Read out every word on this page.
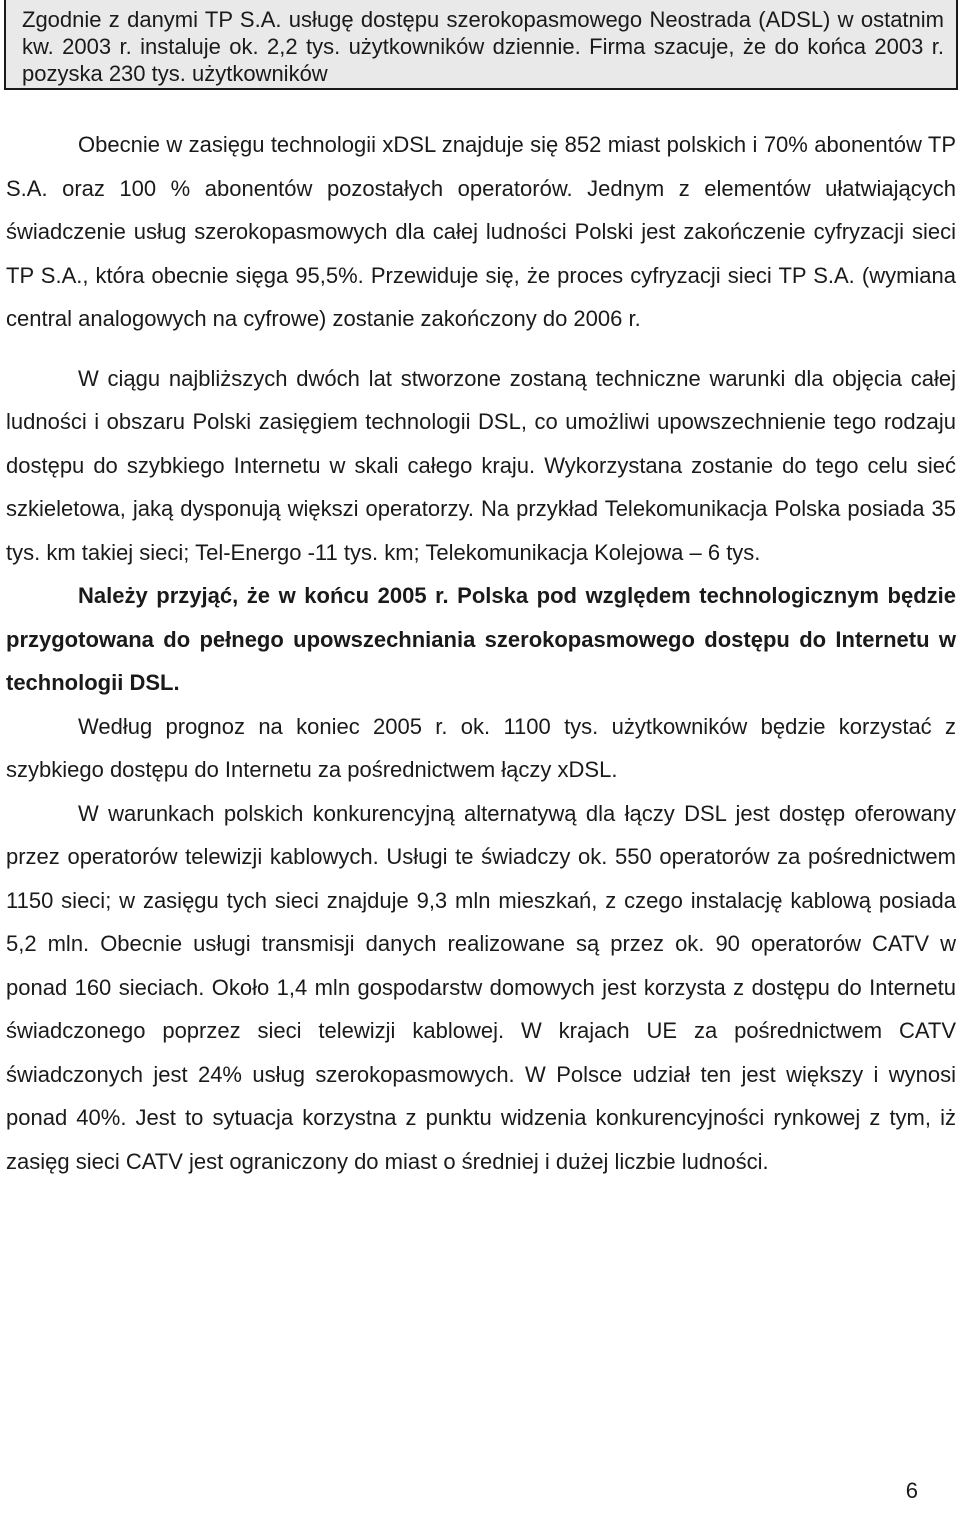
Zgodnie z danymi TP S.A. usługę dostępu szerokopasmowego Neostrada (ADSL) w ostatnim kw. 2003 r. instaluje ok. 2,2 tys. użytkowników dziennie. Firma szacuje, że do końca 2003 r. pozyska 230 tys. użytkowników

Obecnie w zasięgu technologii xDSL znajduje się 852 miast polskich i 70% abonentów TP S.A. oraz 100 % abonentów pozostałych operatorów. Jednym z elementów ułatwiających świadczenie usług szerokopasmowych dla całej ludności Polski jest zakończenie cyfryzacji sieci TP S.A., która obecnie sięga 95,5%. Przewiduje się, że proces cyfryzacji sieci TP S.A. (wymiana central analogowych na cyfrowe) zostanie zakończony do 2006 r.

W ciągu najbliższych dwóch lat stworzone zostaną techniczne warunki dla objęcia całej ludności i obszaru Polski zasięgiem technologii DSL, co umożliwi upowszechnienie tego rodzaju dostępu do szybkiego Internetu w skali całego kraju. Wykorzystana zostanie do tego celu sieć szkieletowa, jaką dysponują większi operatorzy. Na przykład Telekomunikacja Polska posiada 35 tys. km takiej sieci; Tel-Energo -11 tys. km; Telekomunikacja Kolejowa – 6 tys.

Należy przyjąć, że w końcu 2005 r. Polska pod względem technologicznym będzie przygotowana do pełnego upowszechniania szerokopasmowego dostępu do Internetu w technologii DSL.

Według prognoz na koniec 2005 r. ok. 1100 tys. użytkowników będzie korzystać z szybkiego dostępu do Internetu za pośrednictwem łączy xDSL.

W warunkach polskich konkurencyjną alternatywą dla łączy DSL jest dostęp oferowany przez operatorów telewizji kablowych. Usługi te świadczy ok. 550 operatorów za pośrednictwem 1150 sieci; w zasięgu tych sieci znajduje 9,3 mln mieszkań, z czego instalację kablową posiada 5,2 mln. Obecnie usługi transmisji danych realizowane są przez ok. 90 operatorów CATV w ponad 160 sieciach. Około 1,4 mln gospodarstw domowych jest korzysta z dostępu do Internetu świadczonego poprzez sieci telewizji kablowej. W krajach UE za pośrednictwem CATV świadczonych jest 24% usług szerokopasmowych. W Polsce udział ten jest większy i wynosi ponad 40%. Jest to sytuacja korzystna z punktu widzenia konkurencyjności rynkowej z tym, iż zasięg sieci CATV jest ograniczony do miast o średniej i dużej liczbie ludności.

6
